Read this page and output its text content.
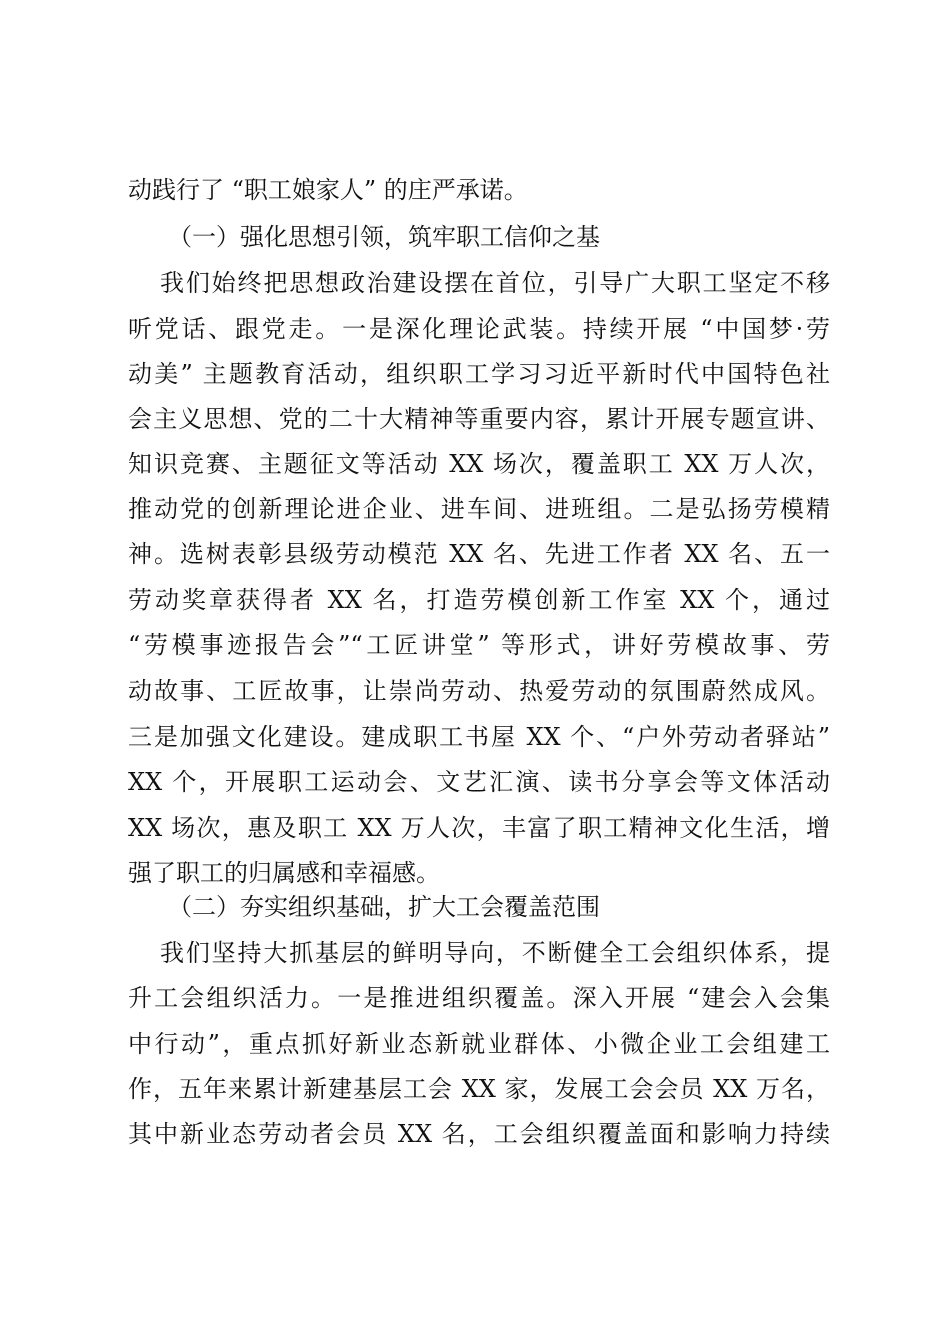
动践行了 “职工娘家人” 的庄严承诺。
（一）强化思想引领，筑牢职工信仰之基
我们始终把思想政治建设摆在首位，引导广大职工坚定不移
听党话、跟党走。一是深化理论武装。持续开展 “中国梦·劳
动美” 主题教育活动，组织职工学习习近平新时代中国特色社
会主义思想、党的二十大精神等重要内容，累计开展专题宣讲、
知识竞赛、主题征文等活动 XX 场次，覆盖职工 XX 万人次，
推动党的创新理论进企业、进车间、进班组。二是弘扬劳模精
神。选树表彰县级劳动模范 XX 名、先进工作者 XX 名、五一
劳动奖章获得者 XX 名，打造劳模创新工作室 XX 个，通过
“劳模事迹报告会”“工匠讲堂” 等形式，讲好劳模故事、劳
动故事、工匠故事，让崇尚劳动、热爱劳动的氛围蔚然成风。
三是加强文化建设。建成职工书屋 XX 个、“户外劳动者驿站”
XX 个，开展职工运动会、文艺汇演、读书分享会等文体活动
XX 场次，惠及职工 XX 万人次，丰富了职工精神文化生活，增
强了职工的归属感和幸福感。
（二）夯实组织基础，扩大工会覆盖范围
我们坚持大抓基层的鲜明导向，不断健全工会组织体系，提
升工会组织活力。一是推进组织覆盖。深入开展 “建会入会集
中行动”，重点抓好新业态新就业群体、小微企业工会组建工
作，五年来累计新建基层工会 XX 家，发展工会会员 XX 万名，
其中新业态劳动者会员 XX 名，工会组织覆盖面和影响力持续
